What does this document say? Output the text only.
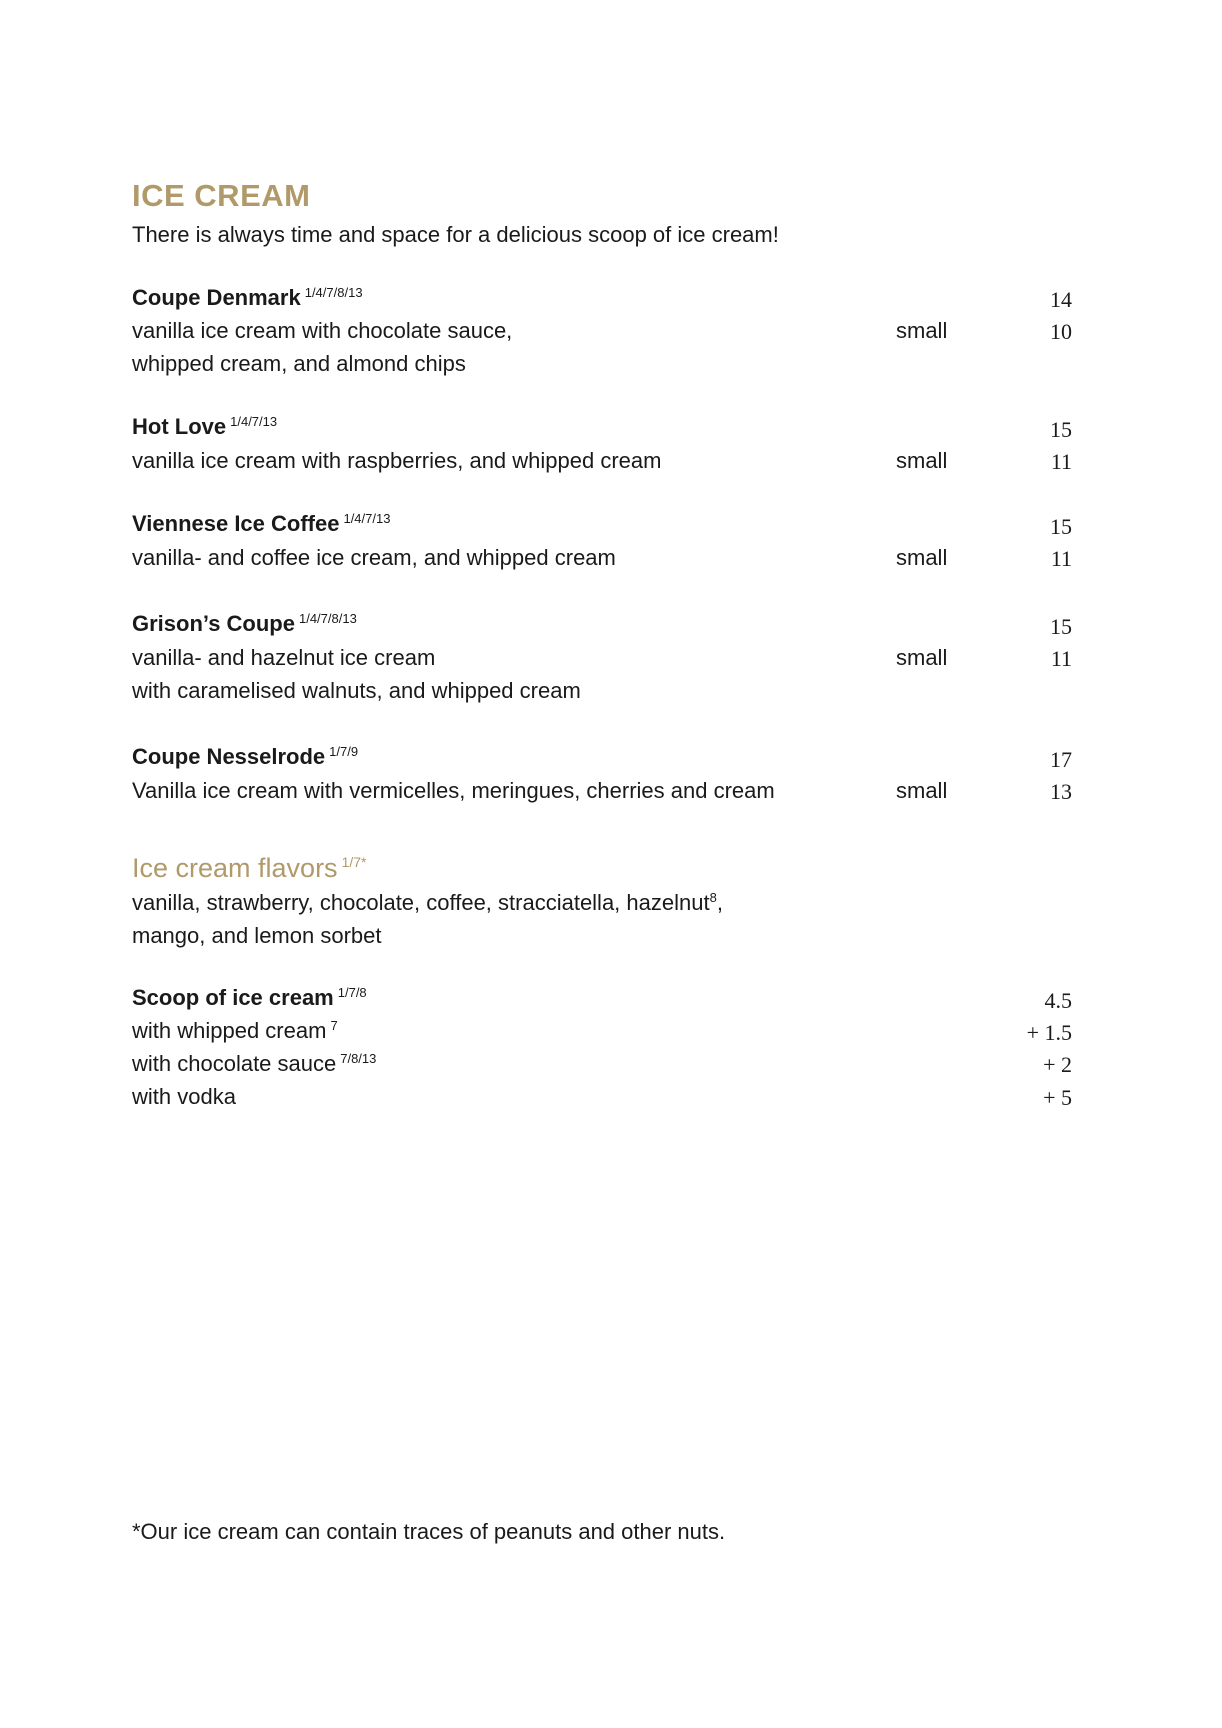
ICE CREAM
There is always time and space for a delicious scoop of ice cream!
Coupe Denmark $^{1/4/7/8/13}$	14
vanilla ice cream with chocolate sauce,	small	10
whipped cream, and almond chips
Hot Love $^{1/4/7/13}$	15
vanilla ice cream with raspberries, and whipped cream	small	11
Viennese Ice Coffee $^{1/4/7/13}$	15
vanilla- and coffee ice cream, and whipped cream	small	11
Grison’s Coupe $^{1/4/7/8/13}$	15
vanilla- and hazelnut ice cream	small	11
with caramelised walnuts, and whipped cream
Coupe Nesselrode $^{1/7/9}$	17
Vanilla ice cream with vermicelles, meringues, cherries and cream	small	13
Ice cream flavors $^{1/7*}$
vanilla, strawberry, chocolate, coffee, stracciatella, hazelnut$^8$,
mango, and lemon sorbet
Scoop of ice cream $^{1/7/8}$	4.5
with whipped cream $^7$	+ 1.5
with chocolate sauce $^{7/8/13}$	+ 2
with vodka	+ 5
*Our ice cream can contain traces of peanuts and other nuts.
